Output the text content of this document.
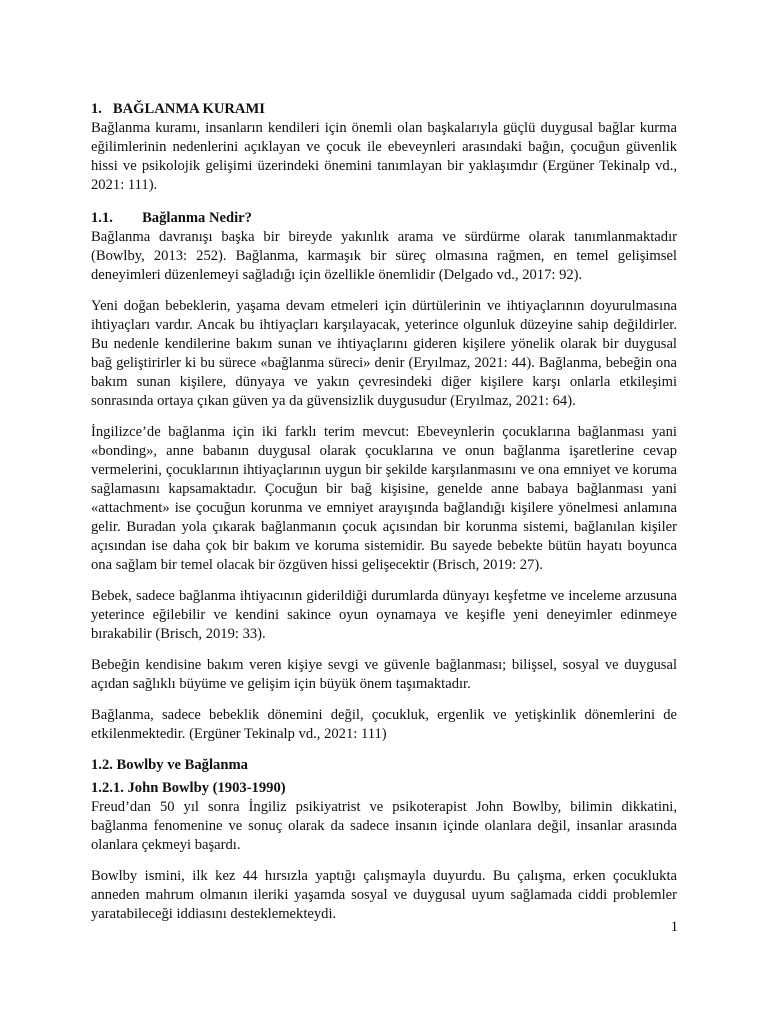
1.   BAĞLANMA KURAMI

Bağlanma kuramı, insanların kendileri için önemli olan başkalarıyla güçlü duygusal bağlar kurma eğilimlerinin nedenlerini açıklayan ve çocuk ile ebeveynleri arasındaki bağın, çocuğun güvenlik hissi ve psikolojik gelişimi üzerindeki önemini tanımlayan bir yaklaşımdır (Ergüner Tekinalp vd., 2021: 111).

1.1.        Bağlanma Nedir?

Bağlanma davranışı başka bir bireyde yakınlık arama ve sürdürme olarak tanımlanmaktadır (Bowlby, 2013: 252). Bağlanma, karmaşık bir süreç olmasına rağmen, en temel gelişimsel deneyimleri düzenlemeyi sağladığı için özellikle önemlidir (Delgado vd., 2017: 92).

Yeni doğan bebeklerin, yaşama devam etmeleri için dürtülerinin ve ihtiyaçlarının doyurulmasına ihtiyaçları vardır. Ancak bu ihtiyaçları karşılayacak, yeterince olgunluk düzeyine sahip değildirler. Bu nedenle kendilerine bakım sunan ve ihtiyaçlarını gideren kişilere yönelik olarak bir duygusal bağ geliştirirler ki bu sürece «bağlanma süreci» denir (Eryılmaz, 2021: 44). Bağlanma, bebeğin ona bakım sunan kişilere, dünyaya ve yakın çevresindeki diğer kişilere karşı onlarla etkileşimi sonrasında ortaya çıkan güven ya da güvensizlik duygusudur (Eryılmaz, 2021: 64).

İngilizce’de bağlanma için iki farklı terim mevcut: Ebeveynlerin çocuklarına bağlanması yani «bonding», anne babanın duygusal olarak çocuklarına ve onun bağlanma işaretlerine cevap vermelerini, çocuklarının ihtiyaçlarının uygun bir şekilde karşılanmasını ve ona emniyet ve koruma sağlamasını kapsamaktadır. Çocuğun bir bağ kişisine, genelde anne babaya bağlanması yani «attachment» ise çocuğun korunma ve emniyet arayışında bağlandığı kişilere yönelmesi anlamına gelir. Buradan yola çıkarak bağlanmanın çocuk açısından bir korunma sistemi, bağlanılan kişiler açısından ise daha çok bir bakım ve koruma sistemidir. Bu sayede bebekte bütün hayatı boyunca ona sağlam bir temel olacak bir özgüven hissi gelişecektir (Brisch, 2019: 27).

Bebek, sadece bağlanma ihtiyacının giderildiği durumlarda dünyayı keşfetme ve inceleme arzusuna yeterince eğilebilir ve kendini sakince oyun oynamaya ve keşifle yeni deneyimler edinmeye bırakabilir (Brisch, 2019: 33).

Bebeğin kendisine bakım veren kişiye sevgi ve güvenle bağlanması; bilişsel, sosyal ve duygusal açıdan sağlıklı büyüme ve gelişim için büyük önem taşımaktadır.

Bağlanma, sadece bebeklik dönemini değil, çocukluk, ergenlik ve yetişkinlik dönemlerini de etkilenmektedir. (Ergüner Tekinalp vd., 2021: 111)

1.2. Bowlby ve Bağlanma
1.2.1. John Bowlby (1903-1990)

Freud’dan 50 yıl sonra İngiliz psikiyatrist ve psikoterapist John Bowlby, bilimin dikkatini, bağlanma fenomenine ve sonuç olarak da sadece insanın içinde olanlara değil, insanlar arasında olanlara çekmeyi başardı.

Bowlby ismini, ilk kez 44 hırsızla yaptığı çalışmayla duyurdu. Bu çalışma, erken çocuklukta anneden mahrum olmanın ileriki yaşamda sosyal ve duygusal uyum sağlamada ciddi problemler yaratabileceği iddiasını desteklemekteydi.

1
